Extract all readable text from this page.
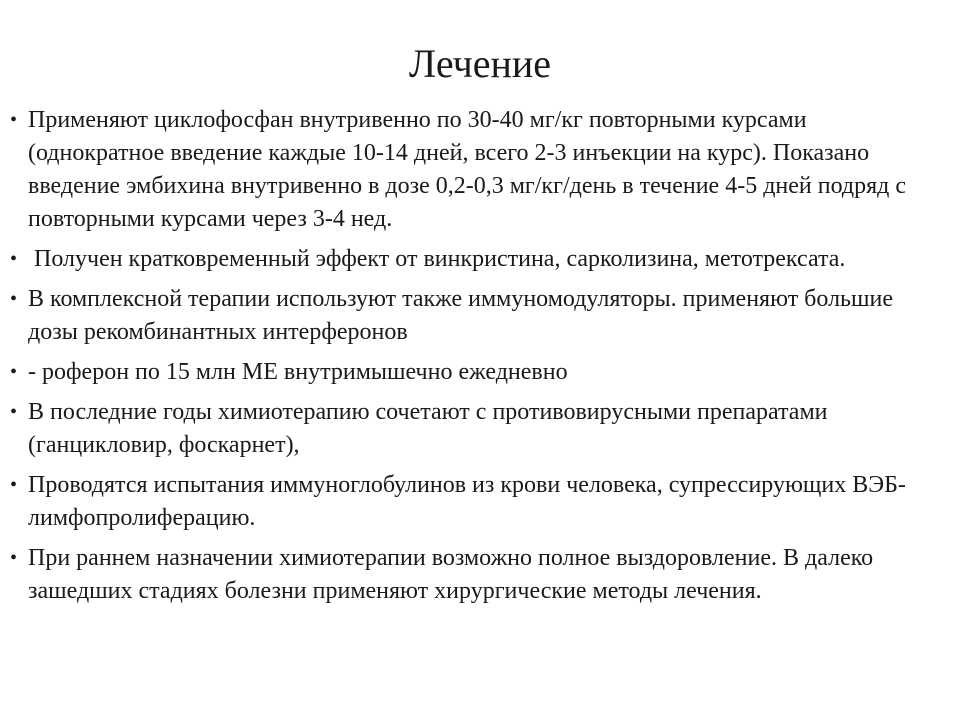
Лечение
• Применяют циклофосфан внутривенно по 30-40 мг/кг повторными курсами (однократное введение каждые 10-14 дней, всего 2-3 инъекции на курс). Показано введение эмбихина внутривенно в дозе 0,2-0,3 мг/кг/день в течение 4-5 дней подряд с повторными курсами через 3-4 нед.
• Получен кратковременный эффект от винкристина, сарколизина, метотрексата.
• В комплексной терапии используют также иммуномодуляторы. применяют большие дозы рекомбинантных интерферонов
• - роферон по 15 млн МЕ внутримышечно ежедневно
• В последние годы химиотерапию сочетают с противовирусными препаратами (ганцикловир, фоскарнет),
• Проводятся испытания иммуноглобулинов из крови человека, супрессирующих ВЭБ-лимфопролиферацию.
• При раннем назначении химиотерапии возможно полное выздоровление. В далеко зашедших стадиях болезни применяют хирургические методы лечения.
